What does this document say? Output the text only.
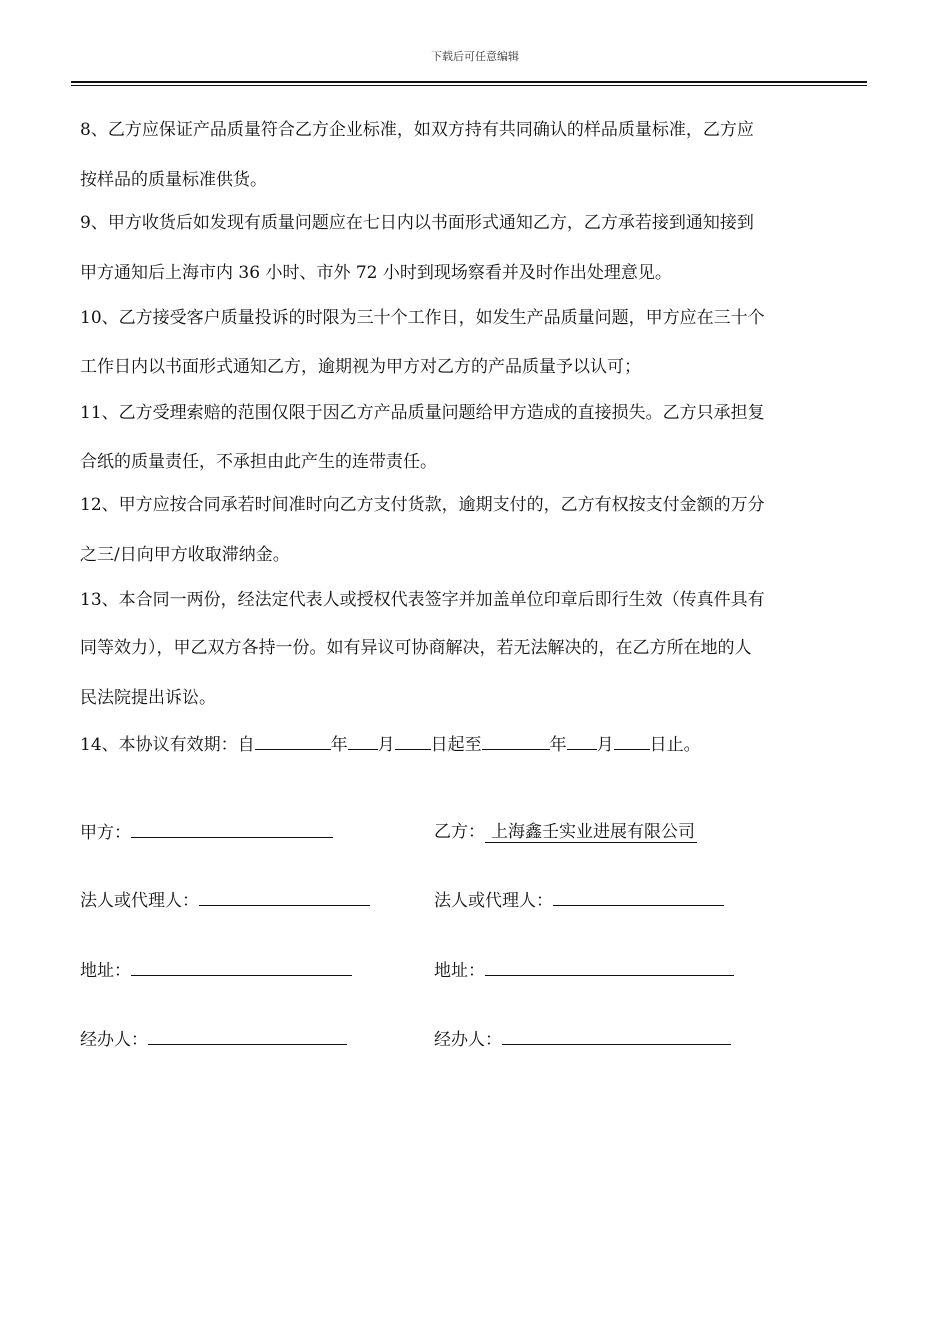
下载后可任意编辑
8、乙方应保证产品质量符合乙方企业标准，如双方持有共同确认的样品质量标准，乙方应
按样品的质量标准供货。
9、甲方收货后如发现有质量问题应在七日内以书面形式通知乙方，乙方承若接到通知接到
甲方通知后上海市内 36 小时、市外 72 小时到现场察看并及时作出处理意见。
10、乙方接受客户质量投诉的时限为三十个工作日，如发生产品质量问题，甲方应在三十个
工作日内以书面形式通知乙方，逾期视为甲方对乙方的产品质量予以认可；
11、乙方受理索赔的范围仅限于因乙方产品质量问题给甲方造成的直接损失。乙方只承担复
合纸的质量责任，不承担由此产生的连带责任。
12、甲方应按合同承若时间准时向乙方支付货款，逾期支付的，乙方有权按支付金额的万分
之三/日向甲方收取滞纳金。
13、本合同一两份，经法定代表人或授权代表签字并加盖单位印章后即行生效（传真件具有
同等效力），甲乙双方各持一份。如有异议可协商解决，若无法解决的，在乙方所在地的人
民法院提出诉讼。
14、本协议有效期：自	年 月 日起至	年 月 日止。
甲方：
法人或代理人：
地址：
经办人：
乙方： 上海鑫壬实业进展有限公司
法人或代理人：
地址：
经办人：
